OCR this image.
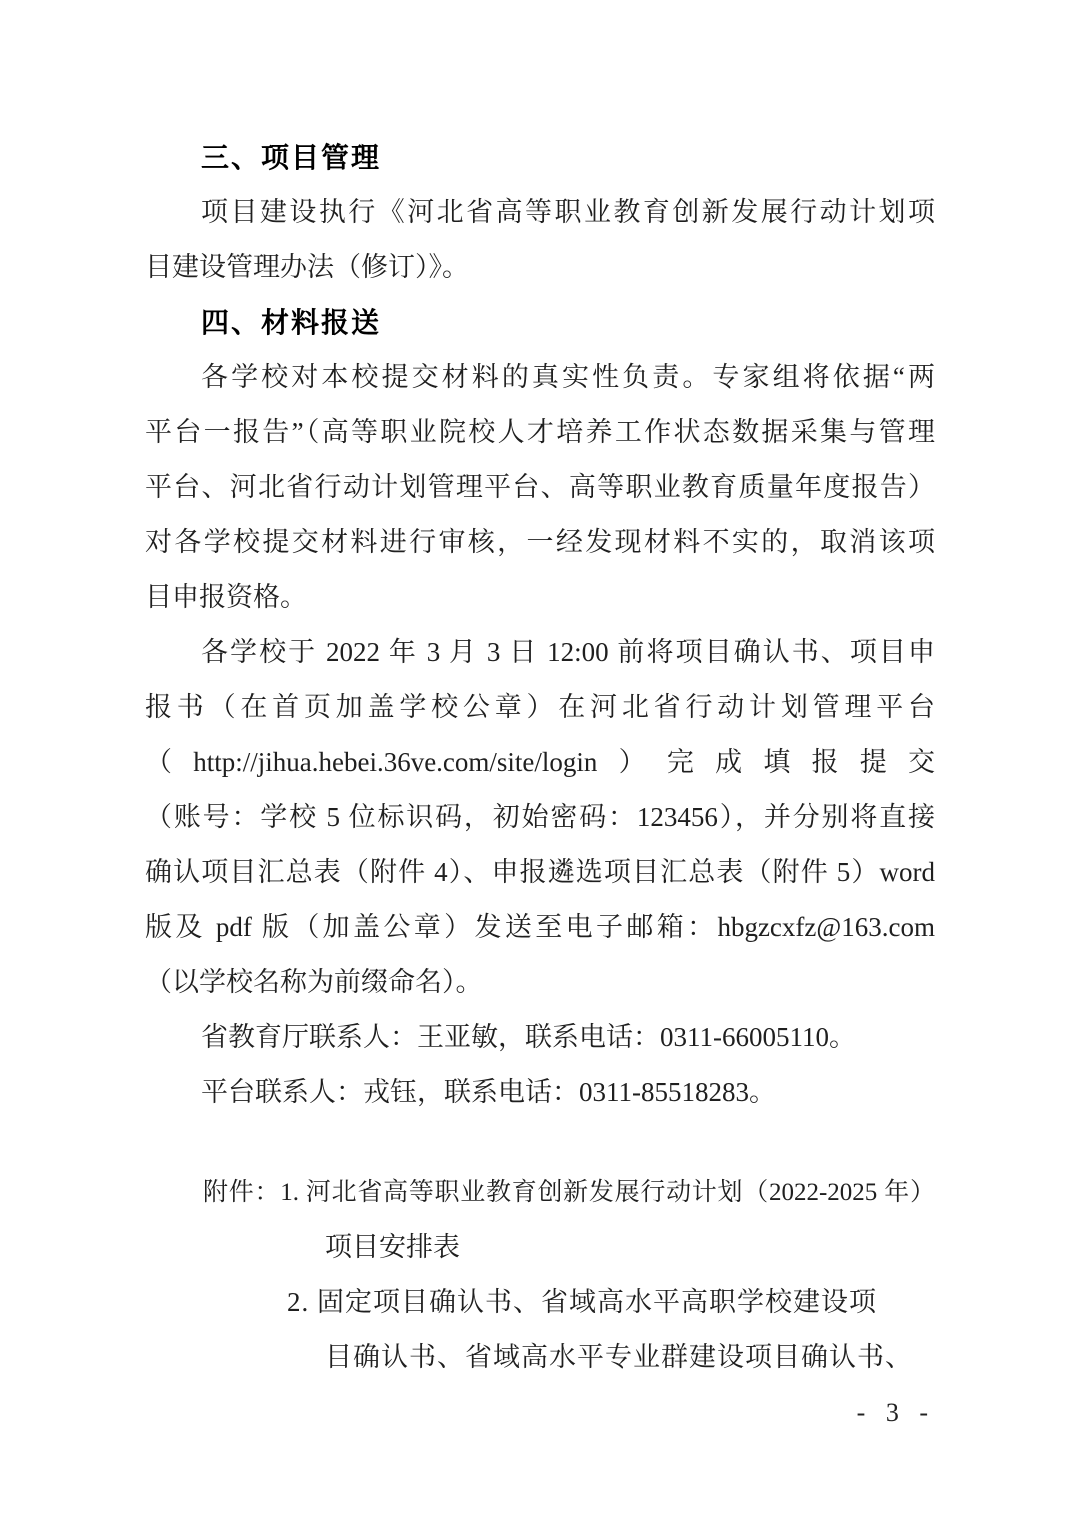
三、项目管理
项目建设执行《河北省高等职业教育创新发展行动计划项
目建设管理办法（修订）》。
四、材料报送
各学校对本校提交材料的真实性负责。专家组将依据“两
平台一报告”（高等职业院校人才培养工作状态数据采集与管理
平台、河北省行动计划管理平台、高等职业教育质量年度报告）
对各学校提交材料进行审核，一经发现材料不实的，取消该项
目申报资格。
各学校于 2022 年 3 月 3 日 12:00 前将项目确认书、项目申
报书（在首页加盖学校公章）在河北省行动计划管理平台
（http://jihua.hebei.36ve.com/site/login）完成填报提交
（账号：学校 5 位标识码，初始密码：123456），并分别将直接
确认项目汇总表（附件 4）、申报遴选项目汇总表（附件 5）word
版及 pdf 版（加盖公章）发送至电子邮箱：hbgzcxfz@163.com
（以学校名称为前缀命名）。
省教育厅联系人：王亚敏，联系电话：0311-66005110。
平台联系人：戎钰，联系电话：0311-85518283。
附件：1. 河北省高等职业教育创新发展行动计划（2022-2025 年）
项目安排表
2. 固定项目确认书、省域高水平高职学校建设项
目确认书、省域高水平专业群建设项目确认书、
- 3 -
